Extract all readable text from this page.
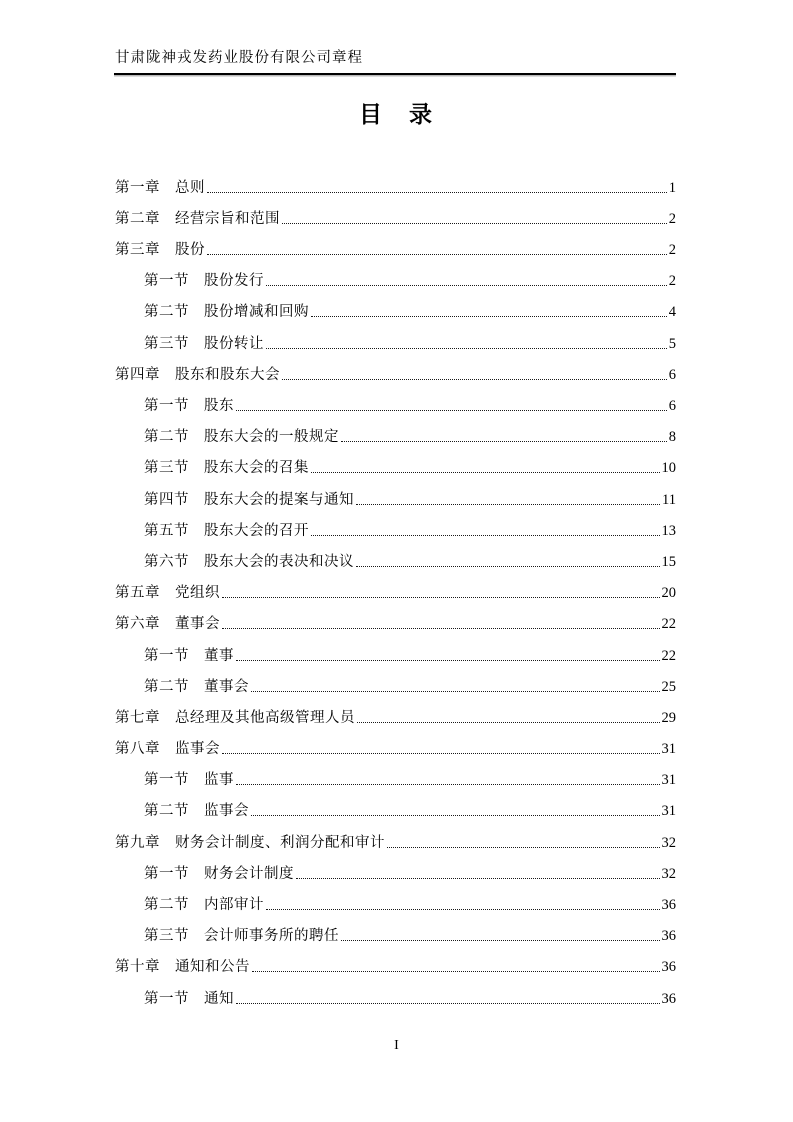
甘肃陇神戎发药业股份有限公司章程
目　录
第一章 总则	1
第二章 经营宗旨和范围	2
第三章 股份	2
第一节 股份发行	2
第二节 股份增减和回购	4
第三节 股份转让	5
第四章 股东和股东大会	6
第一节 股东	6
第二节 股东大会的一般规定	8
第三节 股东大会的召集	10
第四节 股东大会的提案与通知	11
第五节 股东大会的召开	13
第六节 股东大会的表决和决议	15
第五章 党组织	20
第六章 董事会	22
第一节 董事	22
第二节 董事会	25
第七章 总经理及其他高级管理人员	29
第八章 监事会	31
第一节 监事	31
第二节 监事会	31
第九章 财务会计制度、利润分配和审计	32
第一节 财务会计制度	32
第二节 内部审计	36
第三节 会计师事务所的聘任	36
第十章 通知和公告	36
第一节 通知	36
I
